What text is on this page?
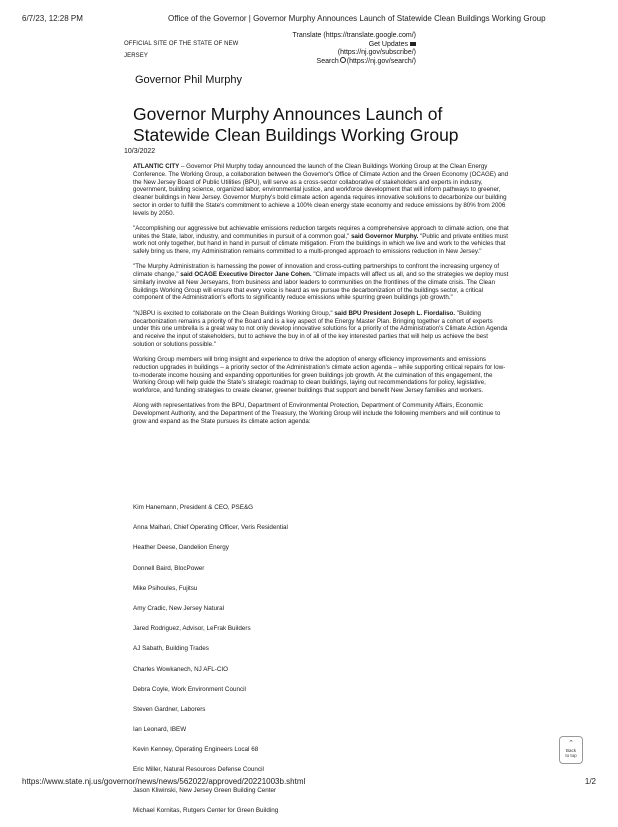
6/7/23, 12:28 PM	Office of the Governor | Governor Murphy Announces Launch of Statewide Clean Buildings Working Group
OFFICIAL SITE OF THE STATE OF NEW
JERSEY
Translate (https://translate.google.com/)
Get Updates
(https://nj.gov/subscribe/)
Search (https://nj.gov/search/)
Governor Phil Murphy
Governor Murphy Announces Launch of Statewide Clean Buildings Working Group
10/3/2022

ATLANTIC CITY – Governor Phil Murphy today announced the launch of the Clean Buildings Working Group at the Clean Energy Conference. The Working Group, a collaboration between the Governor's Office of Climate Action and the Green Economy (OCAGE) and the New Jersey Board of Public Utilities (BPU), will serve as a cross-sector collaborative of stakeholders and experts in industry, government, building science, organized labor, environmental justice, and workforce development that will inform pathways to greener, cleaner buildings in New Jersey. Governor Murphy's bold climate action agenda requires innovative solutions to decarbonize our building sector in order to fulfill the State's commitment to achieve a 100% clean energy state economy and reduce emissions by 80% from 2006 levels by 2050.

"Accomplishing our aggressive but achievable emissions reduction targets requires a comprehensive approach to climate action, one that unites the State, labor, industry, and communities in pursuit of a common goal," said Governor Murphy. "Public and private entities must work not only together, but hand in hand in pursuit of climate mitigation. From the buildings in which we live and work to the vehicles that safely bring us there, my Administration remains committed to a multi-pronged approach to emissions reduction in New Jersey."

"The Murphy Administration is harnessing the power of innovation and cross-cutting partnerships to confront the increasing urgency of climate change," said OCAGE Executive Director Jane Cohen. "Climate impacts will affect us all, and so the strategies we deploy must similarly involve all New Jerseyans, from business and labor leaders to communities on the frontlines of the climate crisis. The Clean Buildings Working Group will ensure that every voice is heard as we pursue the decarbonization of the buildings sector, a critical component of the Administration's efforts to significantly reduce emissions while spurring green buildings job growth."

"NJBPU is excited to collaborate on the Clean Buildings Working Group," said BPU President Joseph L. Fiordaliso. "Building decarbonization remains a priority of the Board and is a key aspect of the Energy Master Plan. Bringing together a cohort of experts under this one umbrella is a great way to not only develop innovative solutions for a priority of the Administration's Climate Action Agenda and receive the input of stakeholders, but to achieve the buy in of all of the key interested parties that will help us achieve the best solution or solutions possible."

Working Group members will bring insight and experience to drive the adoption of energy efficiency improvements and emissions reduction upgrades in buildings – a priority sector of the Administration's climate action agenda – while supporting critical repairs for low-to-moderate income housing and expanding opportunities for green buildings job growth. At the culmination of this engagement, the Working Group will help guide the State's strategic roadmap to clean buildings, laying out recommendations for policy, legislative, workforce, and funding strategies to create cleaner, greener buildings that support and benefit New Jersey families and workers.

Along with representatives from the BPU, Department of Environmental Protection, Department of Community Affairs, Economic Development Authority, and the Department of the Treasury, the Working Group will include the following members and will continue to grow and expand as the State pursues its climate action agenda:

Kim Hanemann, President & CEO, PSE&G
Anna Malhari, Chief Operating Officer, Veris Residential
Heather Deese, Dandelion Energy
Donnell Baird, BlocPower
Mike Psihoules, Fujitsu
Amy Cradic, New Jersey Natural
Jared Rodriguez, Advisor, LeFrak Builders
AJ Sabath, Building Trades
Charles Wowkanech, NJ AFL-CIO
Debra Coyle, Work Environment Council
Steven Gardner, Laborers
Ian Leonard, IBEW
Kevin Kenney, Operating Engineers Local 68
Eric Miller, Natural Resources Defense Council
Jason Kliwinski, New Jersey Green Building Center
Michael Kornitas, Rutgers Center for Green Building
⌃
Back
to top
https://www.state.nj.us/governor/news/news/562022/approved/20221003b.shtml	1/2
